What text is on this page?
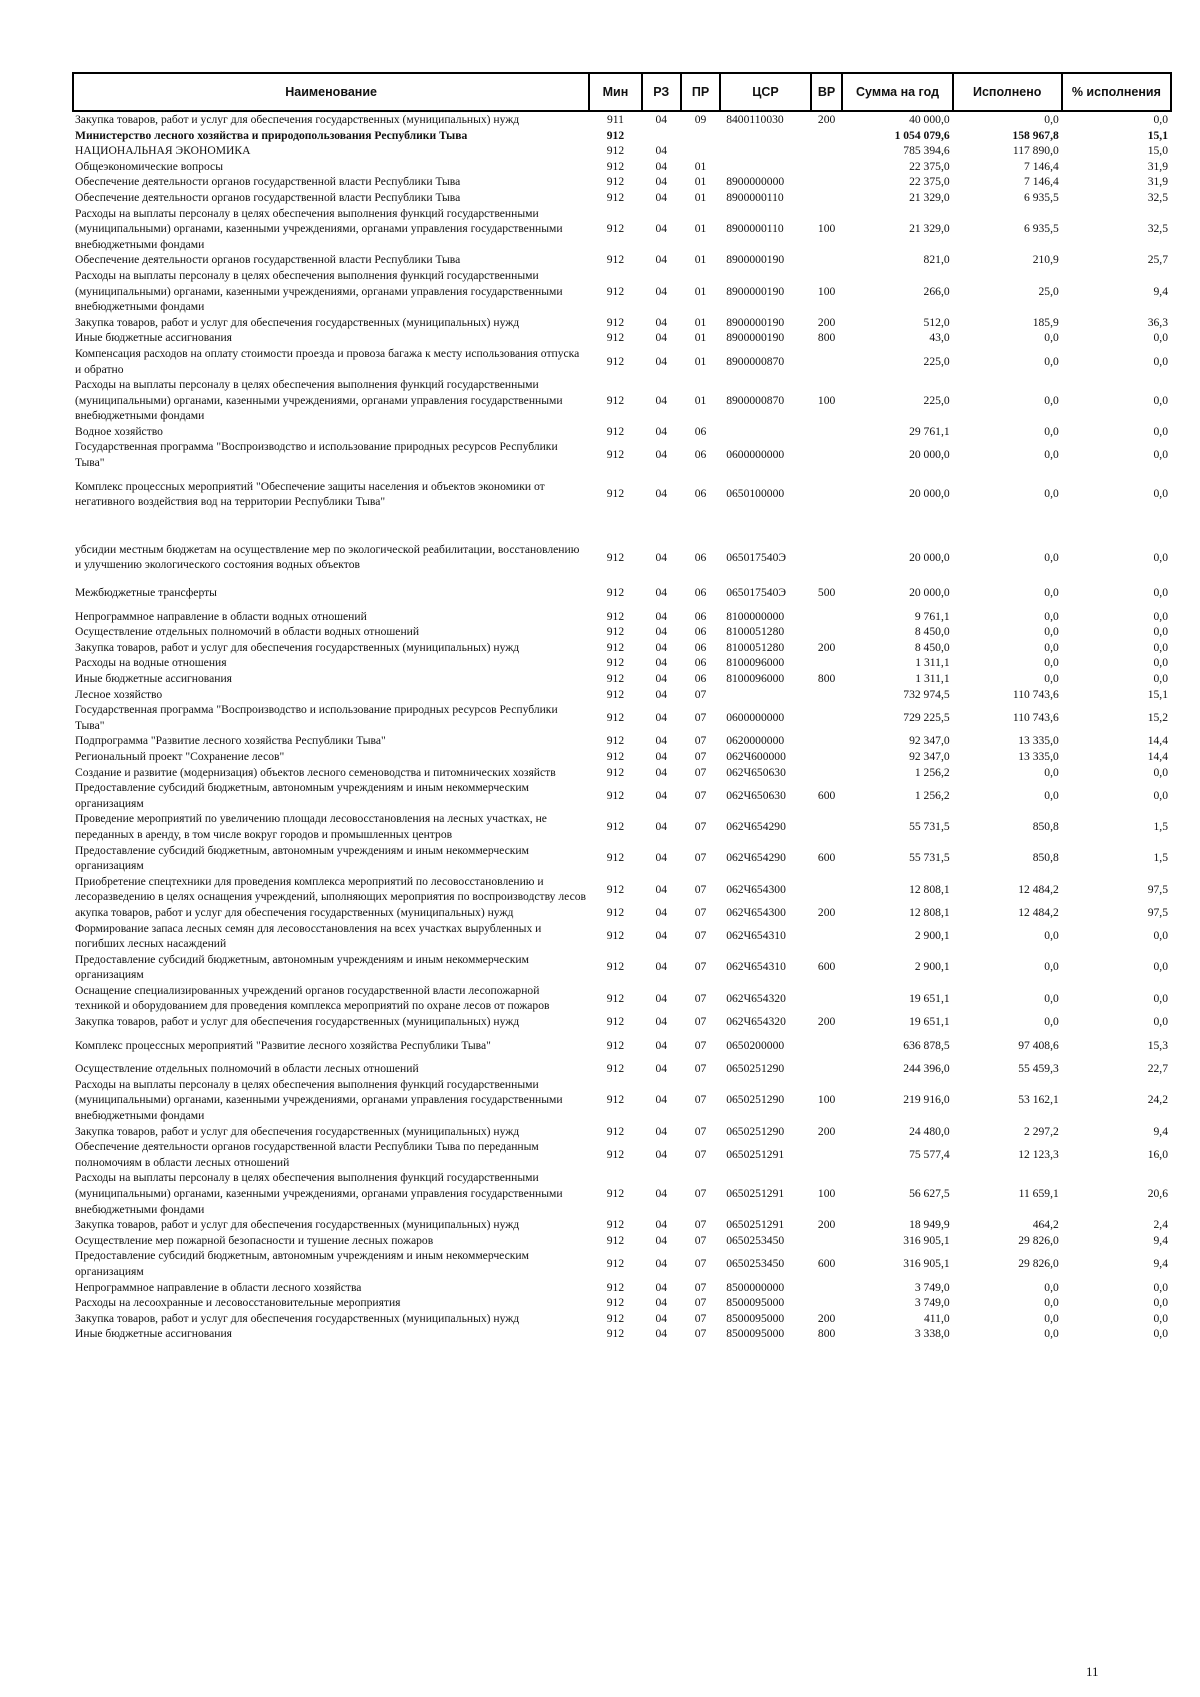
Наименование	Мин	РЗ	ПР	ЦСР	ВР	Сумма на год	Исполнено	% исполнения
Закупка товаров, работ и услуг для обеспечения государственных (муниципальных) нужд	911	04	09	8400110030	200	40 000,0	0,0	0,0
Министерство лесного хозяйства и природопользования Республики Тыва	912					1 054 079,6	158 967,8	15,1
НАЦИОНАЛЬНАЯ ЭКОНОМИКА	912	04				785 394,6	117 890,0	15,0
Общеэкономические вопросы	912	04	01			22 375,0	7 146,4	31,9
Обеспечение деятельности органов государственной власти Республики Тыва	912	04	01	8900000000		22 375,0	7 146,4	31,9
Обеспечение деятельности органов государственной власти Республики Тыва	912	04	01	8900000110		21 329,0	6 935,5	32,5
Расходы на выплаты персоналу в целях обеспечения выполнения функций государственными (муниципальными) органами, казенными учреждениями, органами управления государственными внебюджетными фондами	912	04	01	8900000110	100	21 329,0	6 935,5	32,5
Обеспечение деятельности органов государственной власти Республики Тыва	912	04	01	8900000190		821,0	210,9	25,7
Расходы на выплаты персоналу в целях обеспечения выполнения функций государственными (муниципальными) органами, казенными учреждениями, органами управления государственными внебюджетными фондами	912	04	01	8900000190	100	266,0	25,0	9,4
Закупка товаров, работ и услуг для обеспечения государственных (муниципальных) нужд	912	04	01	8900000190	200	512,0	185,9	36,3
Иные бюджетные ассигнования	912	04	01	8900000190	800	43,0	0,0	0,0
Компенсация расходов на оплату стоимости проезда и провоза багажа к месту использования отпуска и обратно	912	04	01	8900000870		225,0	0,0	0,0
Расходы на выплаты персоналу в целях обеспечения выполнения функций государственными (муниципальными) органами, казенными учреждениями, органами управления государственными внебюджетными фондами	912	04	01	8900000870	100	225,0	0,0	0,0
Водное хозяйство	912	04	06			29 761,1	0,0	0,0
Государственная программа "Воспроизводство и использование природных ресурсов Республики Тыва"	912	04	06	0600000000		20 000,0	0,0	0,0
Комплекс процессных мероприятий "Обеспечение защиты населения и объектов экономики от негативного воздействия вод на территории Республики Тыва"	912	04	06	0650100000		20 000,0	0,0	0,0
убсидии местным бюджетам на осуществление мер по экологической реабилитации, восстановлению и улучшению экологического состояния водных объектов	912	04	06	065017540Э		20 000,0	0,0	0,0
Межбюджетные трансферты	912	04	06	065017540Э	500	20 000,0	0,0	0,0
Непрограммное направление в области водных отношений	912	04	06	8100000000		9 761,1	0,0	0,0
Осуществление отдельных полномочий в области водных отношений	912	04	06	8100051280		8 450,0	0,0	0,0
Закупка товаров, работ и услуг для обеспечения государственных (муниципальных) нужд	912	04	06	8100051280	200	8 450,0	0,0	0,0
Расходы на водные отношения	912	04	06	8100096000		1 311,1	0,0	0,0
Иные бюджетные ассигнования	912	04	06	8100096000	800	1 311,1	0,0	0,0
Лесное хозяйство	912	04	07			732 974,5	110 743,6	15,1
Государственная программа "Воспроизводство и использование природных ресурсов Республики Тыва"	912	04	07	0600000000		729 225,5	110 743,6	15,2
Подпрограмма "Развитие лесного хозяйства Республики Тыва"	912	04	07	0620000000		92 347,0	13 335,0	14,4
Региональный проект "Сохранение лесов"	912	04	07	062Ч600000		92 347,0	13 335,0	14,4
Создание и развитие (модернизация) объектов лесного семеноводства и питомнических хозяйств	912	04	07	062Ч650630		1 256,2	0,0	0,0
Предоставление субсидий бюджетным, автономным учреждениям и иным некоммерческим организациям	912	04	07	062Ч650630	600	1 256,2	0,0	0,0
Проведение мероприятий по увеличению площади лесовосстановления на лесных участках, не переданных в аренду, в том числе вокруг городов и промышленных центров	912	04	07	062Ч654290		55 731,5	850,8	1,5
Предоставление субсидий бюджетным, автономным учреждениям и иным некоммерческим организациям	912	04	07	062Ч654290	600	55 731,5	850,8	1,5
Приобретение спецтехники для проведения комплекса мероприятий по лесовосстановлению и лесоразведению в целях оснащения учреждений, ыполняющих мероприятия по воспроизводству лесов	912	04	07	062Ч654300		12 808,1	12 484,2	97,5
акупка товаров, работ и услуг для обеспечения государственных (муниципальных) нужд	912	04	07	062Ч654300	200	12 808,1	12 484,2	97,5
Формирование запаса лесных семян для лесовосстановления на всех участках вырубленных и погибших лесных насаждений	912	04	07	062Ч654310		2 900,1	0,0	0,0
Предоставление субсидий бюджетным, автономным учреждениям и иным некоммерческим организациям	912	04	07	062Ч654310	600	2 900,1	0,0	0,0
Оснащение специализированных учреждений органов государственной власти лесопожарной техникой и оборудованием для проведения комплекса мероприятий по охране лесов от пожаров	912	04	07	062Ч654320		19 651,1	0,0	0,0
Закупка товаров, работ и услуг для обеспечения государственных (муниципальных) нужд	912	04	07	062Ч654320	200	19 651,1	0,0	0,0
Комплекс процессных мероприятий "Развитие лесного хозяйства Республики Тыва"	912	04	07	0650200000		636 878,5	97 408,6	15,3
Осуществление отдельных полномочий в области лесных отношений	912	04	07	0650251290		244 396,0	55 459,3	22,7
Расходы на выплаты персоналу в целях обеспечения выполнения функций государственными (муниципальными) органами, казенными учреждениями, органами управления государственными внебюджетными фондами	912	04	07	0650251290	100	219 916,0	53 162,1	24,2
Закупка товаров, работ и услуг для обеспечения государственных (муниципальных) нужд	912	04	07	0650251290	200	24 480,0	2 297,2	9,4
Обеспечение деятельности органов государственной власти Республики Тыва по переданным полномочиям в области лесных отношений	912	04	07	0650251291		75 577,4	12 123,3	16,0
Расходы на выплаты персоналу в целях обеспечения выполнения функций государственными (муниципальными) органами, казенными учреждениями, органами управления государственными внебюджетными фондами	912	04	07	0650251291	100	56 627,5	11 659,1	20,6
Закупка товаров, работ и услуг для обеспечения государственных (муниципальных) нужд	912	04	07	0650251291	200	18 949,9	464,2	2,4
Осуществление мер пожарной безопасности и тушение лесных пожаров	912	04	07	0650253450		316 905,1	29 826,0	9,4
Предоставление субсидий бюджетным, автономным учреждениям и иным некоммерческим организациям	912	04	07	0650253450	600	316 905,1	29 826,0	9,4
Непрограммное направление в области лесного хозяйства	912	04	07	8500000000		3 749,0	0,0	0,0
Расходы на лесоохранные и лесовосстановительные мероприятия	912	04	07	8500095000		3 749,0	0,0	0,0
Закупка товаров, работ и услуг для обеспечения государственных (муниципальных) нужд	912	04	07	8500095000	200	411,0	0,0	0,0
Иные бюджетные ассигнования	912	04	07	8500095000	800	3 338,0	0,0	0,0
11
